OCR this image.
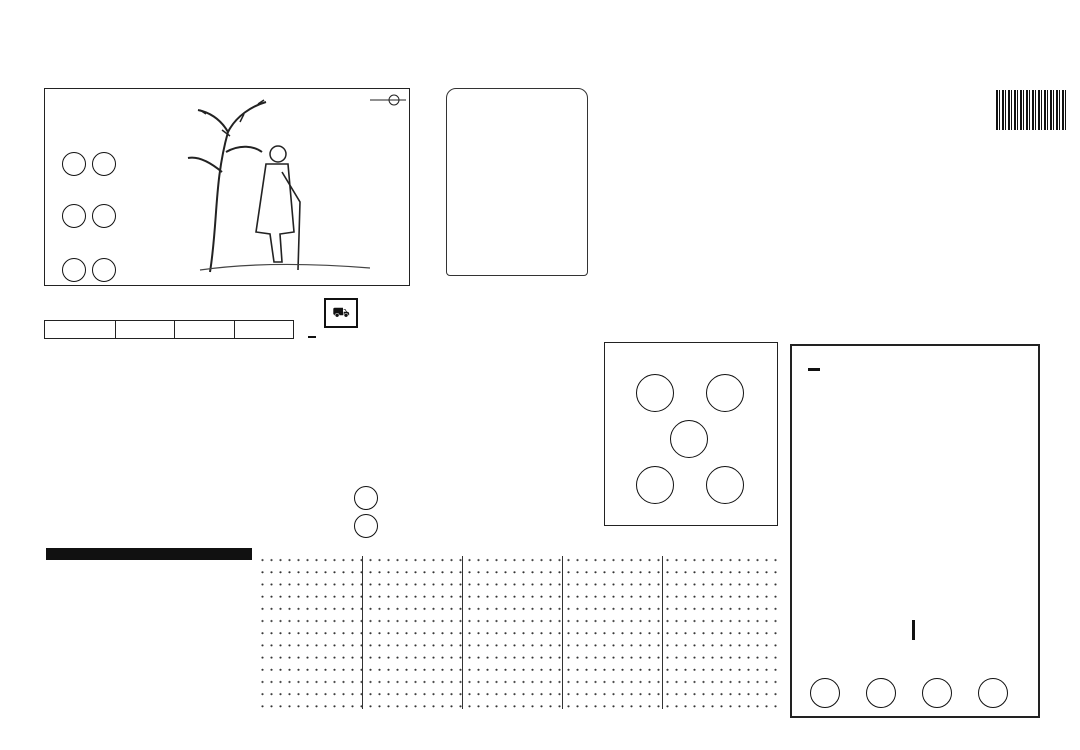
⛟
